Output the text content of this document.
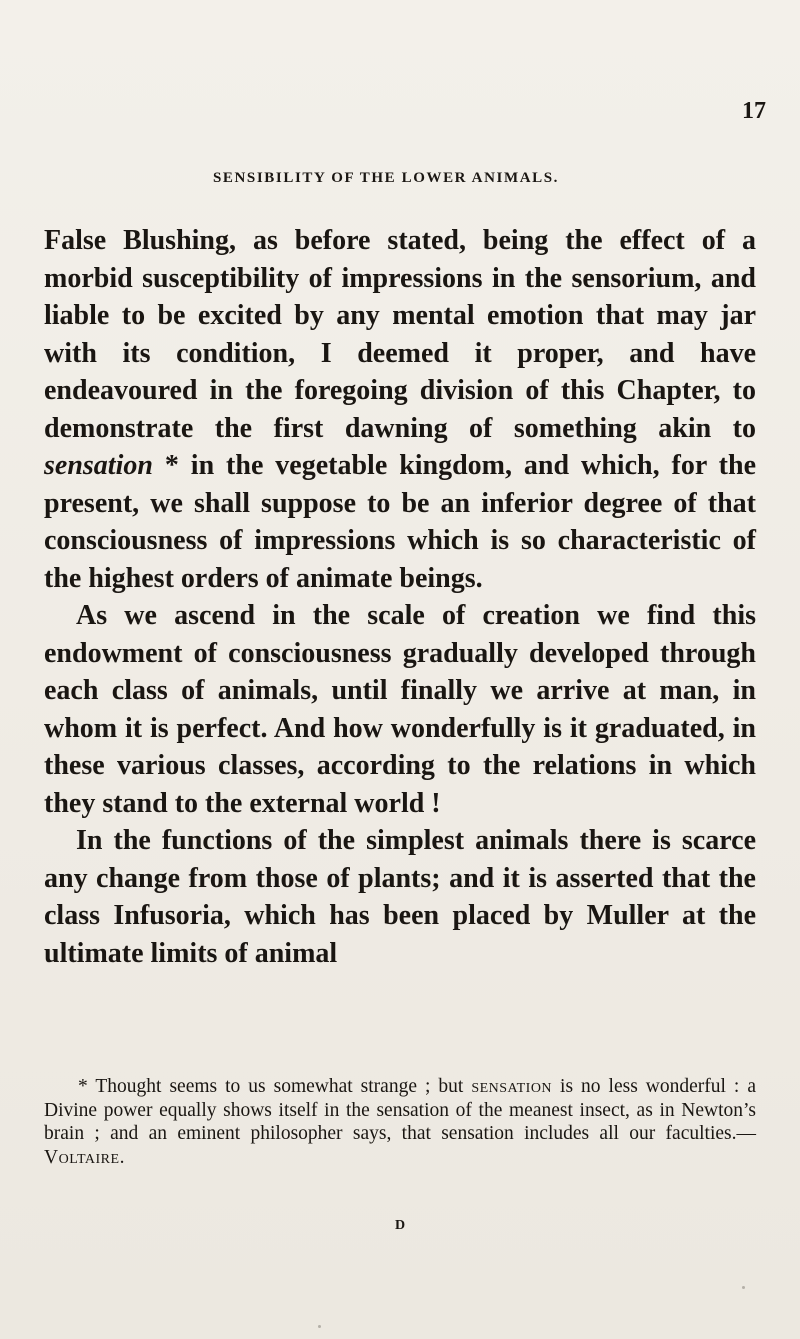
17
SENSIBILITY OF THE LOWER ANIMALS.

False Blushing, as before stated, being the effect of a morbid susceptibility of impressions in the sensorium, and liable to be excited by any mental emotion that may jar with its condition, I deemed it proper, and have endeavoured in the foregoing division of this Chapter, to demonstrate the first dawning of something akin to sensation * in the vegetable kingdom, and which, for the present, we shall suppose to be an inferior degree of that consciousness of impressions which is so characteristic of the highest orders of animate beings.

As we ascend in the scale of creation we find this endowment of consciousness gradually developed through each class of animals, until finally we arrive at man, in whom it is perfect. And how wonderfully is it graduated, in these various classes, according to the relations in which they stand to the external world !

In the functions of the simplest animals there is scarce any change from those of plants; and it is asserted that the class Infusoria, which has been placed by Muller at the ultimate limits of animal

* Thought seems to us somewhat strange ; but sensation is no less wonderful : a Divine power equally shows itself in the sensation of the meanest insect, as in Newton’s brain ; and an eminent philosopher says, that sensation includes all our faculties.—Voltaire.

D
